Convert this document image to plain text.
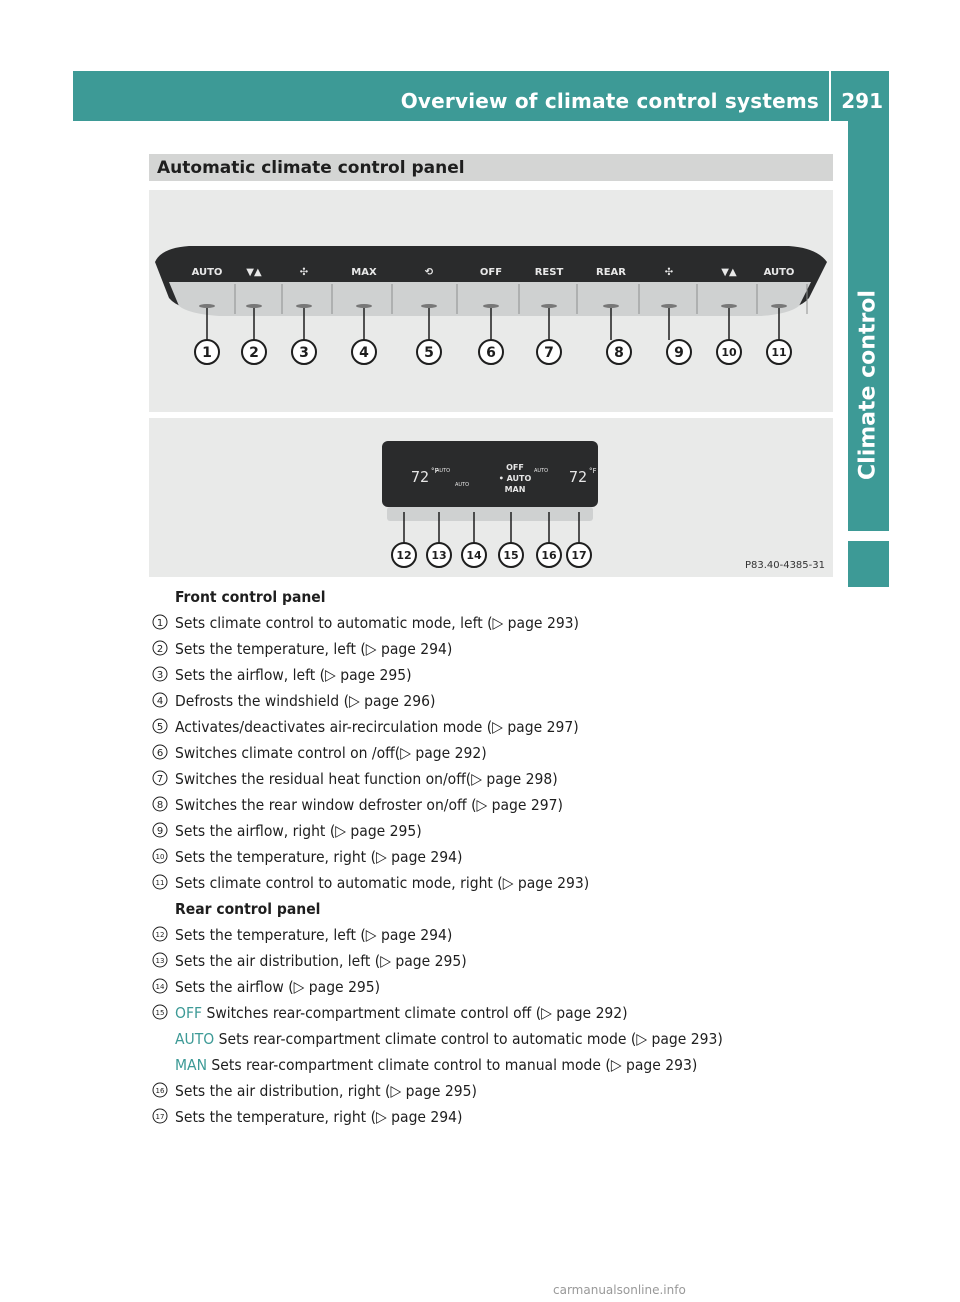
Overview of climate control systems 291
Climate control
Automatic climate control panel
AUTO ▼▲	✣	MAX	⟲	OFF	REST	REAR	✣	▼▲	AUTO
1	2	3	4	5	6	7	8	9	10	11
72 °F	72 °F
AUTO
AUTO
AUTO
OFF
• AUTO
MAN
12 13 14 15 16 17
P83.40-4385-31
Front control panel
1 Sets climate control to automatic mode, left (▷ page 293)
2 Sets the temperature, left (▷ page 294)
3 Sets the airflow, left (▷ page 295)
4 Defrosts the windshield (▷ page 296)
5 Activates/deactivates air-recirculation mode (▷ page 297)
6 Switches climate control on /off(▷ page 292)
7 Switches the residual heat function on/off(▷ page 298)
8 Switches the rear window defroster on/off (▷ page 297)
9 Sets the airflow, right (▷ page 295)
10 Sets the temperature, right (▷ page 294)
11 Sets climate control to automatic mode, right (▷ page 293)
Rear control panel
12 Sets the temperature, left (▷ page 294)
13 Sets the air distribution, left (▷ page 295)
14 Sets the airflow (▷ page 295)
15 OFF Switches rear-compartment climate control off (▷ page 292)
AUTO Sets rear-compartment climate control to automatic mode (▷ page 293)
MAN Sets rear-compartment climate control to manual mode (▷ page 293)
16 Sets the air distribution, right (▷ page 295)
17 Sets the temperature, right (▷ page 294)
carmanualsonline.info
